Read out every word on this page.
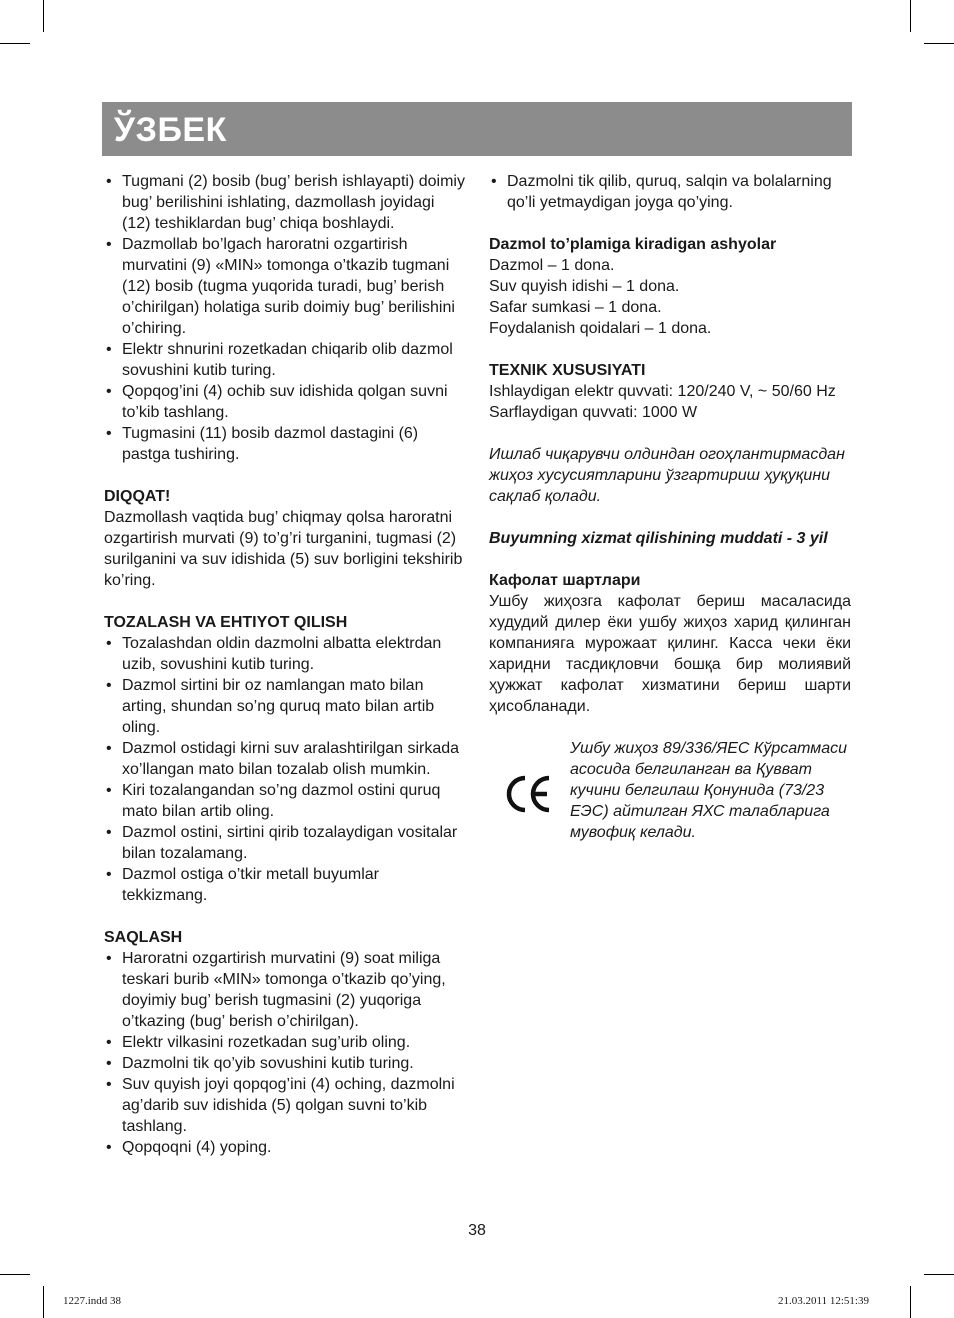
ЎЗБЕК
• Tugmani (2) bosib (bug’ berish ishlayapti) doimiy bug’ berilishini ishlating, dazmollash joyidagi (12) teshiklardan bug’ chiqa boshlaydi.
• Dazmollab bo’lgach haroratni ozgartirish murvatini (9) «MIN» tomonga o’tkazib tugmani (12) bosib (tugma yuqorida turadi, bug’ berish o’chirilgan) holatiga surib doimiy bug’ berilishini o’chiring.
• Elektr shnurini rozetkadan chiqarib olib dazmol sovushini kutib turing.
• Qopqog’ini (4) ochib suv idishida qolgan suvni to’kib tashlang.
• Tugmasini (11) bosib dazmol dastagini (6) pastga tushiring.
DIQQAT!

Dazmollash vaqtida bug’ chiqmay qolsa haroratni ozgartirish murvati (9) to’g’ri turganini, tugmasi (2) surilganini va suv idishida (5) suv borligini tekshirib ko’ring.

TOZALASH VA EHTIYOT QILISH
• Tozalashdan oldin dazmolni albatta elektrdan uzib, sovushini kutib turing.
• Dazmol sirtini bir oz namlangan mato bilan arting, shundan so’ng quruq mato bilan artib oling.
• Dazmol ostidagi kirni suv aralashtirilgan sirkada xo’llangan mato bilan tozalab olish mumkin.
• Kiri tozalangandan so’ng dazmol ostini quruq mato bilan artib oling.
• Dazmol ostini, sirtini qirib tozalaydigan vositalar bilan tozalamang.
• Dazmol ostiga o’tkir metall buyumlar tekkizmang.
SAQLASH
• Haroratni ozgartirish murvatini (9) soat miliga teskari burib «MIN» tomonga o’tkazib qo’ying, doyimiy bug’ berish tugmasini (2) yuqoriga o’tkazing (bug’ berish o’chirilgan).
• Elektr vilkasini rozetkadan sug’urib oling.
• Dazmolni tik qo’yib sovushini kutib turing.
• Suv quyish joyi qopqog’ini (4) oching, dazmolni ag’darib suv idishida (5) qolgan suvni to’kib tashlang.
• Qopqoqni (4) yoping.
• Dazmolni tik qilib, quruq, salqin va bolalarning qo’li yetmaydigan joyga qo’ying.
Dazmol to’plamiga kiradigan ashyolar
Dazmol – 1 dona.
Suv quyish idishi – 1 dona.
Safar sumkasi – 1 dona.
Foydalanish qoidalari – 1 dona.
TEXNIK XUSUSIYATI
Ishlaydigan elektr quvvati: 120/240 V, ~ 50/60 Hz
Sarflaydigan quvvati: 1000 W

Ишлаб чиқарувчи олдиндан огоҳлантирмасдан жиҳоз хусусиятларини ўзгартириш ҳуқуқини сақлаб қолади.

Buyumning xizmat qilishining muddati - 3 yil

Кафолат шартлари

Ушбу жиҳозга кафолат бериш масаласида худудий дилер ёки ушбу жиҳоз харид қилинган компанияга мурожаат қилинг. Касса чеки ёки харидни тасдиқловчи бошқа бир молиявий ҳужжат кафолат хизматини бериш шарти ҳисобланади.

Ушбу жиҳоз 89/336/ЯЕС Кўрсатмаси асосида белгиланган ва Қувват кучини белгилаш Қонунида (73/23 ЕЭС) айтилган ЯХС талабларига мувофиқ келади.
38
1227.indd 38	21.03.2011 12:51:39
